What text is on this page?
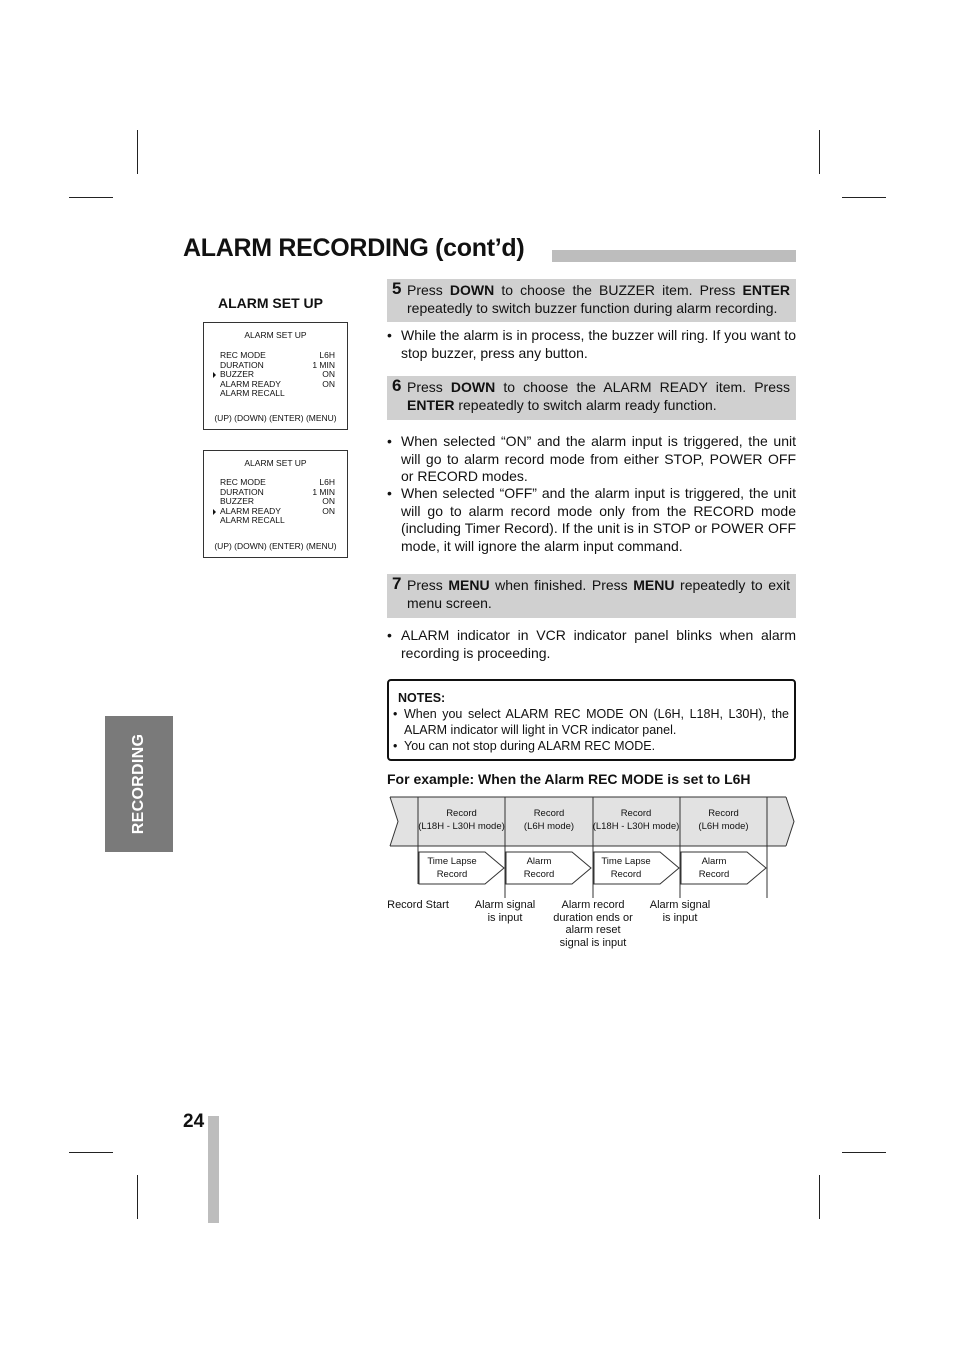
ALARM RECORDING (cont’d)
ALARM SET UP
ALARM SET UP
REC MODE	L6H
DURATION	1 MIN
BUZZER	ON
ALARM READY	ON
ALARM RECALL
(UP) (DOWN) (ENTER) (MENU)
ALARM SET UP
REC MODE	L6H
DURATION	1 MIN
BUZZER	ON
ALARM READY	ON
ALARM RECALL
(UP) (DOWN) (ENTER) (MENU)
5 Press DOWN to choose the BUZZER item. Press ENTER repeatedly to switch buzzer function during alarm recording.
• While the alarm is in process, the buzzer will ring. If you want to stop buzzer, press any button.
6 Press DOWN to choose the ALARM READY item. Press ENTER repeatedly to switch alarm ready function.
• When selected “ON” and the alarm input is triggered, the unit will go to alarm record mode from either STOP, POWER OFF or RECORD modes.
• When selected “OFF” and the alarm input is triggered, the unit will go to alarm record mode only from the RECORD mode (including Timer Record). If the unit is in STOP or POWER OFF mode, it will ignore the alarm input command.
7 Press MENU when finished. Press MENU repeatedly to exit menu screen.
• ALARM indicator in VCR indicator panel blinks when alarm recording is proceeding.
NOTES:
• When you select ALARM REC MODE ON (L6H, L18H, L30H), the ALARM indicator will light in VCR indicator panel.
• You can not stop during ALARM REC MODE.
For example: When the Alarm REC MODE is set to L6H
Record
(L18H - L30H mode)
Record
(L6H mode)
Record
(L18H - L30H mode)
Record
(L6H mode)
Time Lapse
Record
Alarm
Record
Time Lapse
Record
Alarm
Record
Record Start	Alarm signal
is input
Alarm record
duration ends or
alarm reset
signal is input
Alarm signal
is input
RECORDING
24
